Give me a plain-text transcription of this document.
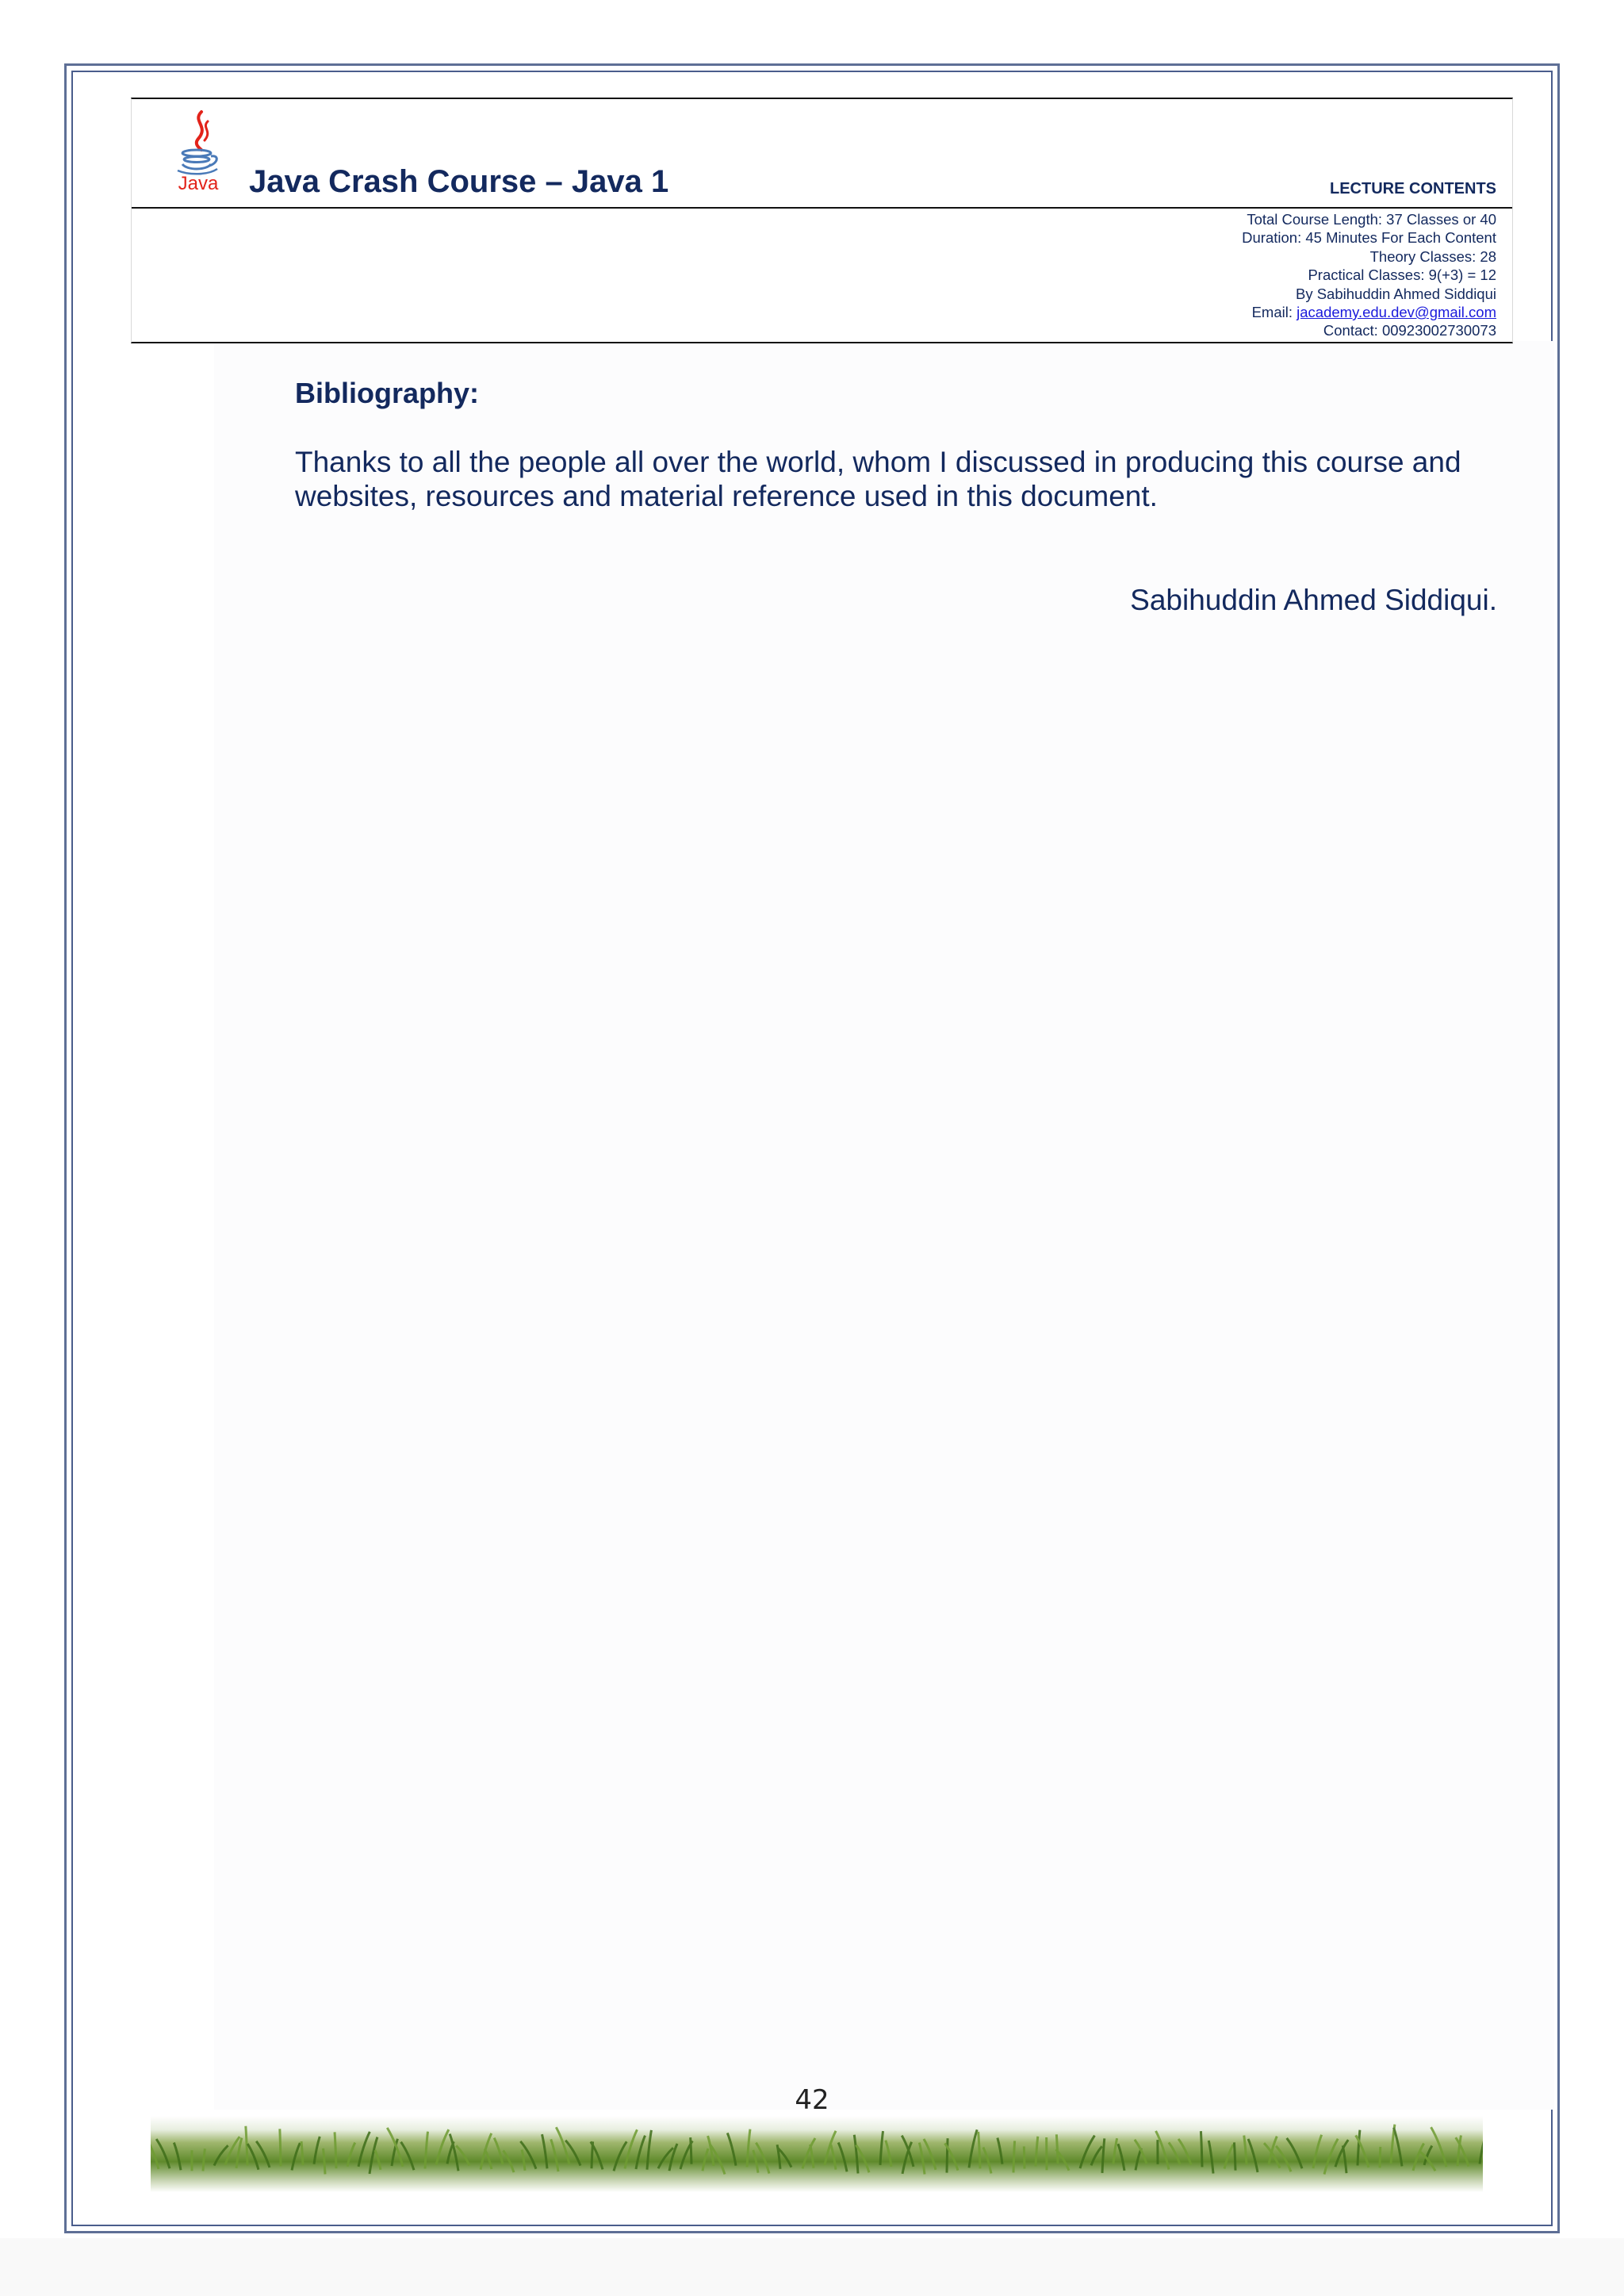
Java Java Crash Course – Java 1	LECTURE CONTENTS
Total Course Length: 37 Classes or 40
Duration: 45 Minutes For Each Content
Theory Classes: 28
Practical Classes: 9(+3) = 12
By Sabihuddin Ahmed Siddiqui
Email: jacademy.edu.dev@gmail.com
Contact: 00923002730073
Bibliography:

Thanks to all the people all over the world, whom I discussed in producing this course and websites, resources and material reference used in this document.

Sabihuddin Ahmed Siddiqui.
42
